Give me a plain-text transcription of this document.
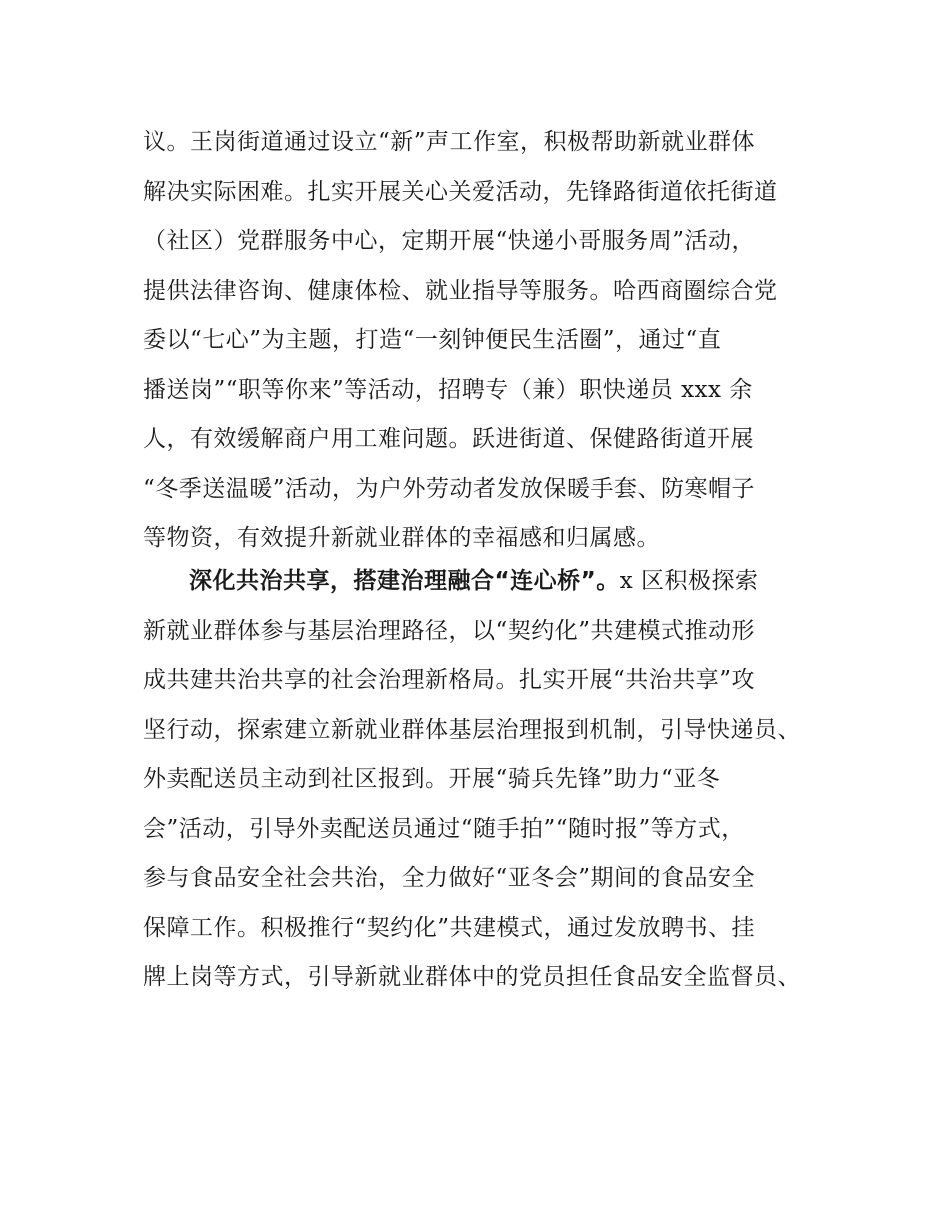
议。王岗街道通过设立“新”声工作室，积极帮助新就业群体
解决实际困难。扎实开展关心关爱活动，先锋路街道依托街道
（社区）党群服务中心，定期开展“快递小哥服务周”活动，
提供法律咨询、健康体检、就业指导等服务。哈西商圈综合党
委以“七心”为主题，打造“一刻钟便民生活圈”，通过“直
播送岗”“职等你来”等活动，招聘专（兼）职快递员 xxx 余
人，有效缓解商户用工难问题。跃进街道、保健路街道开展
“冬季送温暖”活动，为户外劳动者发放保暖手套、防寒帽子
等物资，有效提升新就业群体的幸福感和归属感。
深化共治共享，搭建治理融合“连心桥”。x 区积极探索
新就业群体参与基层治理路径，以“契约化”共建模式推动形
成共建共治共享的社会治理新格局。扎实开展“共治共享”攻
坚行动，探索建立新就业群体基层治理报到机制，引导快递员、
外卖配送员主动到社区报到。开展“骑兵先锋”助力“亚冬
会”活动，引导外卖配送员通过“随手拍”“随时报”等方式，
参与食品安全社会共治，全力做好“亚冬会”期间的食品安全
保障工作。积极推行“契约化”共建模式，通过发放聘书、挂
牌上岗等方式，引导新就业群体中的党员担任食品安全监督员、
